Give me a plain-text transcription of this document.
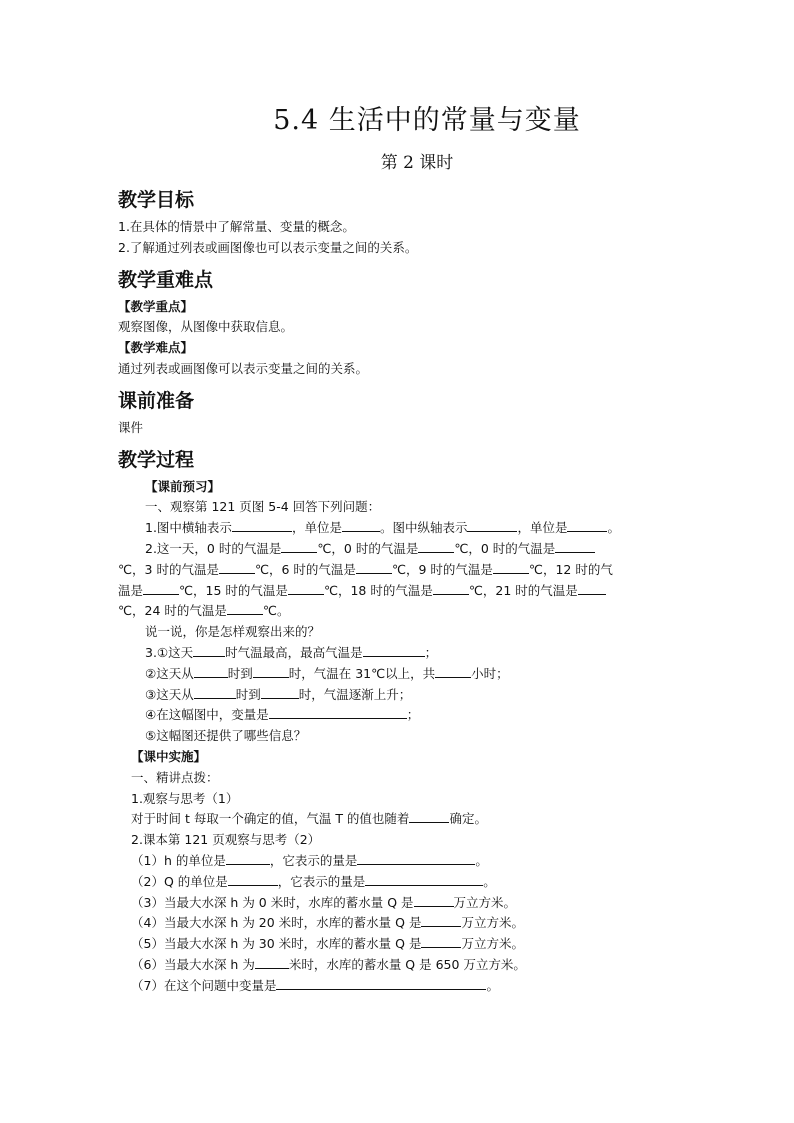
5.4 生活中的常量与变量
第 2 课时

教学目标

1.在具体的情景中了解常量、变量的概念。

2.了解通过列表或画图像也可以表示变量之间的关系。

教学重难点

【教学重点】

观察图像，从图像中获取信息。

【教学难点】

通过列表或画图像可以表示变量之间的关系。

课前准备

课件

教学过程

【课前预习】

一、观察第 121 页图 5-4 回答下列问题：

1.图中横轴表示	，单位是	。图中纵轴表示	，单位是	。

2.这一天，0 时的气温是	℃，0 时的气温是	℃，0 时的气温是

℃，3 时的气温是	℃，6 时的气温是	℃，9 时的气温是	℃，12 时的气

温是	℃，15 时的气温是	℃，18 时的气温是	℃，21 时的气温是

℃，24 时的气温是	℃。

说一说，你是怎样观察出来的？

3.①这天	时气温最高，最高气温是	；

②这天从	时到	时，气温在 31℃以上，共	小时；

③这天从	时到	时，气温逐渐上升；

④在这幅图中，变量是	；

⑤这幅图还提供了哪些信息？

【课中实施】

一、精讲点拨：

1.观察与思考（1）

对于时间 t 每取一个确定的值，气温 T 的值也随着	确定。

2.课本第 121 页观察与思考（2）

（1）h 的单位是	，它表示的量是	。

（2）Q 的单位是	，它表示的量是	。

（3）当最大水深 h 为 0 米时，水库的蓄水量 Q 是	万立方米。

（4）当最大水深 h 为 20 米时，水库的蓄水量 Q 是	万立方米。

（5）当最大水深 h 为 30 米时，水库的蓄水量 Q 是	万立方米。

（6）当最大水深 h 为	米时，水库的蓄水量 Q 是 650 万立方米。

（7）在这个问题中变量是	。
